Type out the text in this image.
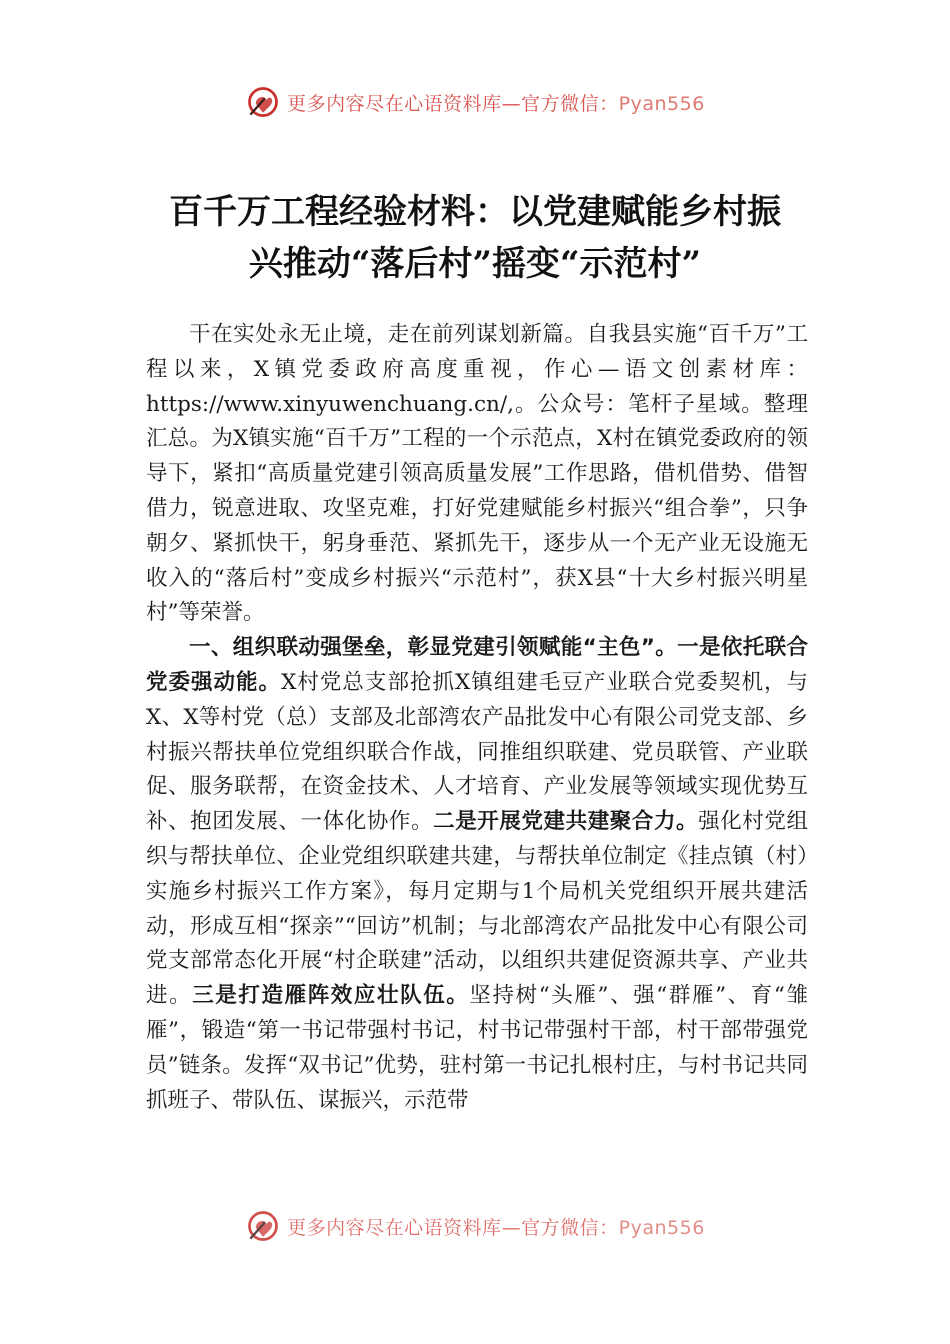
更多内容尽在心语资料库—官方微信：Pyan556
百千万工程经验材料：以党建赋能乡村振
兴推动“落后村”摇变“示范村”

干在实处永无止境，走在前列谋划新篇。自我县实施“百千万”工程以来，X镇党委政府高度重视，作心—语文创素材库：https://www.xinyuwenchuang.cn/,。公众号：笔杆子星域。整理汇总。为X镇实施“百千万”工程的一个示范点，X村在镇党委政府的领导下，紧扣“高质量党建引领高质量发展”工作思路，借机借势、借智借力，锐意进取、攻坚克难，打好党建赋能乡村振兴“组合拳”，只争朝夕、紧抓快干，躬身垂范、紧抓先干，逐步从一个无产业无设施无收入的“落后村”变成乡村振兴“示范村”，获X县“十大乡村振兴明星村”等荣誉。

一、组织联动强堡垒，彰显党建引领赋能“主色”。一是依托联合党委强动能。X村党总支部抢抓X镇组建毛豆产业联合党委契机，与X、X等村党（总）支部及北部湾农产品批发中心有限公司党支部、乡村振兴帮扶单位党组织联合作战，同推组织联建、党员联管、产业联促、服务联帮，在资金技术、人才培育、产业发展等领域实现优势互补、抱团发展、一体化协作。二是开展党建共建聚合力。强化村党组织与帮扶单位、企业党组织联建共建，与帮扶单位制定《挂点镇（村）实施乡村振兴工作方案》，每月定期与1个局机关党组织开展共建活动，形成互相“探亲”“回访”机制；与北部湾农产品批发中心有限公司党支部常态化开展“村企联建”活动，以组织共建促资源共享、产业共进。三是打造雁阵效应壮队伍。坚持树“头雁”、强“群雁”、育“雏雁”，锻造“第一书记带强村书记，村书记带强村干部，村干部带强党员”链条。发挥“双书记”优势，驻村第一书记扎根村庄，与村书记共同抓班子、带队伍、谋振兴，示范带

更多内容尽在心语资料库—官方微信：Pyan556
